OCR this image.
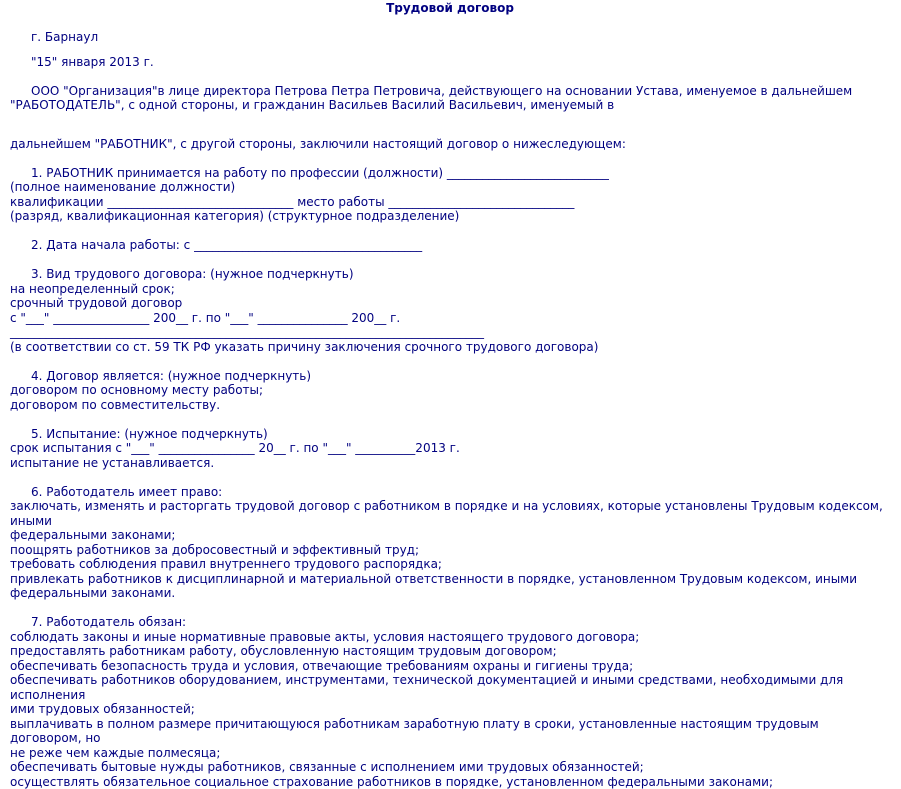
Трудовой договор

г. Барнаул

"15" января 2013 г.

ООО "Организация"в лице директора Петрова Петра Петровича, действующего на основании Устава, именуемое в дальнейшем

"РАБОТОДАТЕЛЬ", с одной стороны, и гражданин Васильев Василий Васильевич, именуемый в

дальнейшем "РАБОТНИК", с другой стороны, заключили настоящий договор о нижеследующем:

1. РАБОТНИК принимается на работу по профессии (должности) ___________________________

(полное наименование должности)

квалификации _______________________________ место работы _______________________________

(разряд, квалификационная категория) (структурное подразделение)

2. Дата начала работы: с ______________________________________

3. Вид трудового договора: (нужное подчеркнуть)

на неопределенный срок;

срочный трудовой договор

с "___" ________________ 200__ г. по "___" _______________ 200__ г.

_______________________________________________________________________________

(в соответствии со ст. 59 ТК РФ указать причину заключения срочного трудового договора)

4. Договор является: (нужное подчеркнуть)

договором по основному месту работы;

договором по совместительству.

5. Испытание: (нужное подчеркнуть)

срок испытания с "___" ________________ 20__ г. по "___" __________2013 г.

испытание не устанавливается.

6. Работодатель имеет право:

заключать, изменять и расторгать трудовой договор с работником в порядке и на условиях, которые установлены Трудовым кодексом, иными

федеральными законами;

поощрять работников за добросовестный и эффективный труд;

требовать соблюдения правил внутреннего трудового распорядка;

привлекать работников к дисциплинарной и материальной ответственности в порядке, установленном Трудовым кодексом, иными

федеральными законами.

7. Работодатель обязан:

соблюдать законы и иные нормативные правовые акты, условия настоящего трудового договора;

предоставлять работникам работу, обусловленную настоящим трудовым договором;

обеспечивать безопасность труда и условия, отвечающие требованиям охраны и гигиены труда;

обеспечивать работников оборудованием, инструментами, технической документацией и иными средствами, необходимыми для исполнения

ими трудовых обязанностей;

выплачивать в полном размере причитающуюся работникам заработную плату в сроки, установленные настоящим трудовым договором, но

не реже чем каждые полмесяца;

обеспечивать бытовые нужды работников, связанные с исполнением ими трудовых обязанностей;

осуществлять обязательное социальное страхование работников в порядке, установленном федеральными законами;
